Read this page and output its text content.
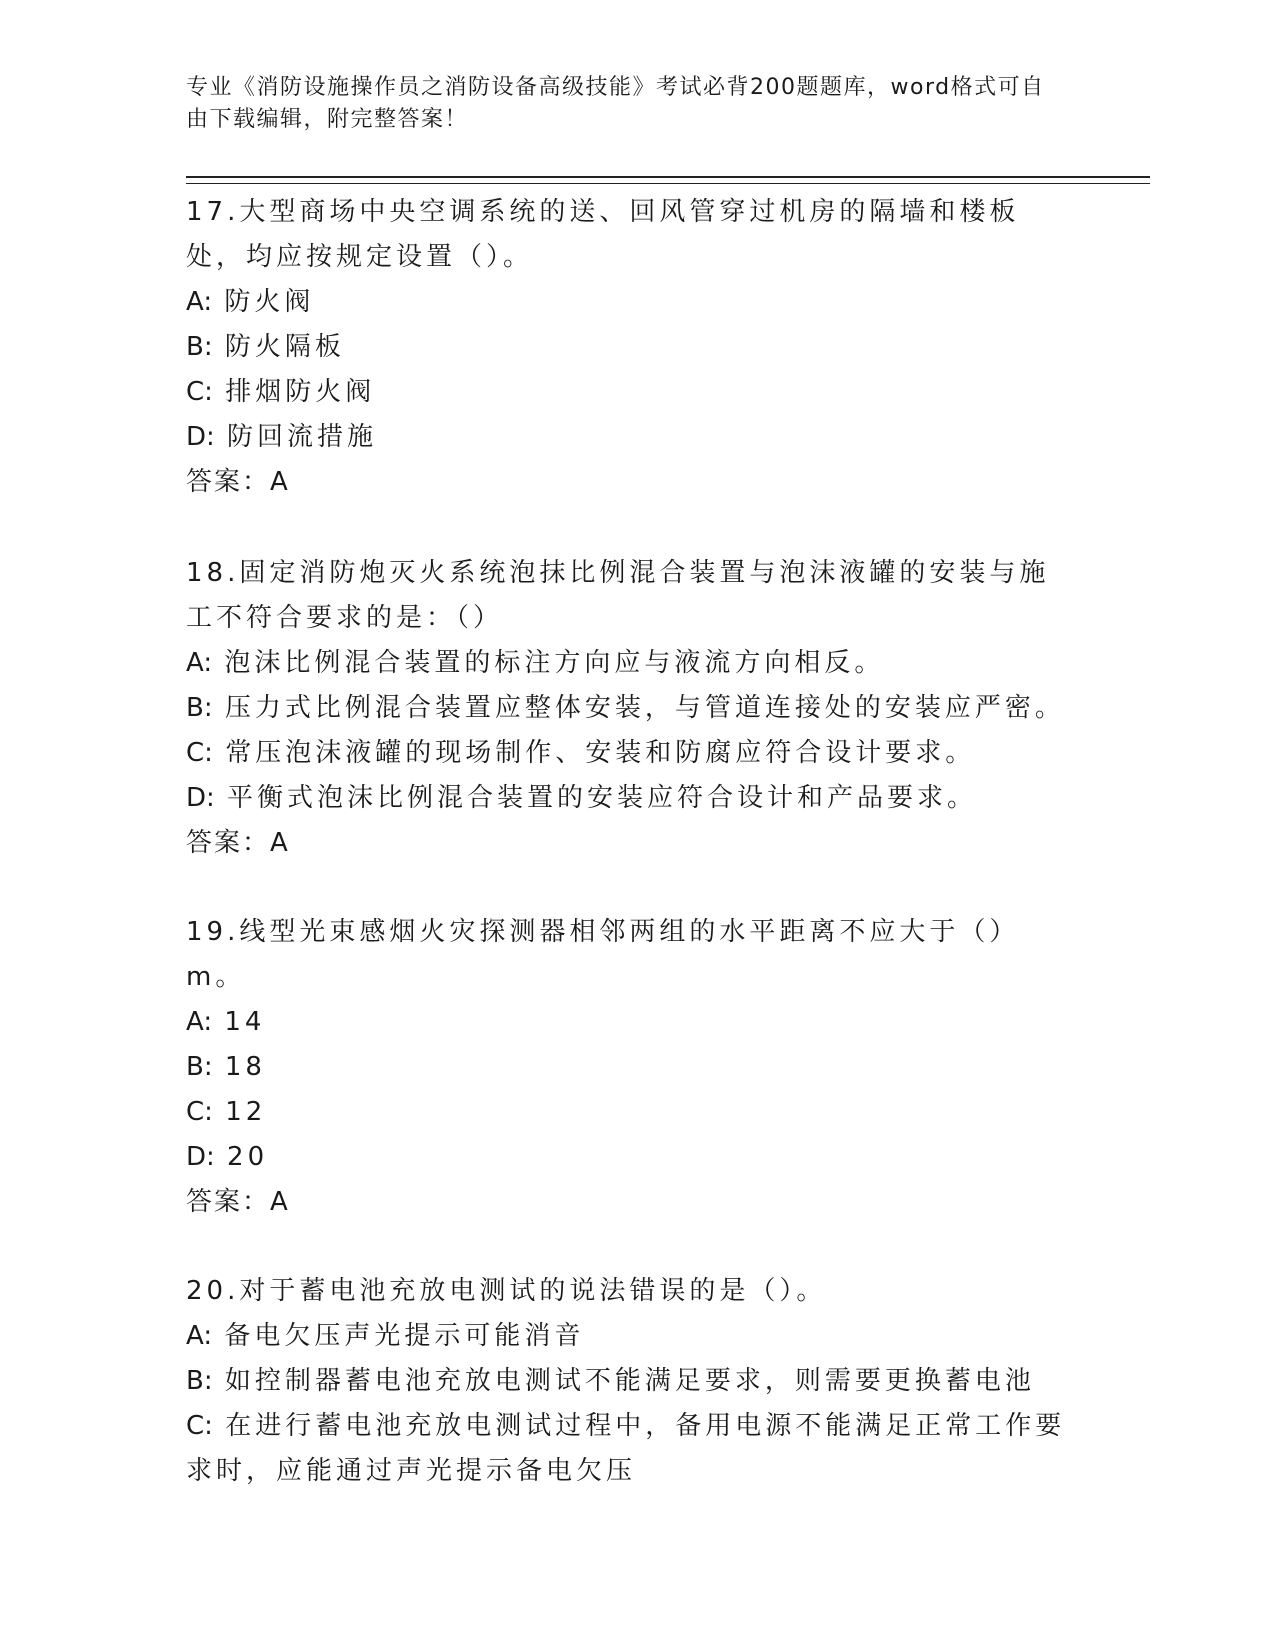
专业《消防设施操作员之消防设备高级技能》考试必背200题题库，word格式可自由下载编辑，附完整答案！

17.大型商场中央空调系统的送、回风管穿过机房的隔墙和楼板处，均应按规定设置（）。

A: 防火阀

B: 防火隔板

C: 排烟防火阀

D: 防回流措施

答案：A

18.固定消防炮灭火系统泡抹比例混合装置与泡沫液罐的安装与施工不符合要求的是：（）

A: 泡沫比例混合装置的标注方向应与液流方向相反。

B: 压力式比例混合装置应整体安装，与管道连接处的安装应严密。

C: 常压泡沫液罐的现场制作、安装和防腐应符合设计要求。

D: 平衡式泡沫比例混合装置的安装应符合设计和产品要求。

答案：A

19.线型光束感烟火灾探测器相邻两组的水平距离不应大于（）m。

A: 14

B: 18

C: 12

D: 20

答案：A

20.对于蓄电池充放电测试的说法错误的是（）。

A: 备电欠压声光提示可能消音

B: 如控制器蓄电池充放电测试不能满足要求，则需要更换蓄电池

C: 在进行蓄电池充放电测试过程中，备用电源不能满足正常工作要求时，应能通过声光提示备电欠压
